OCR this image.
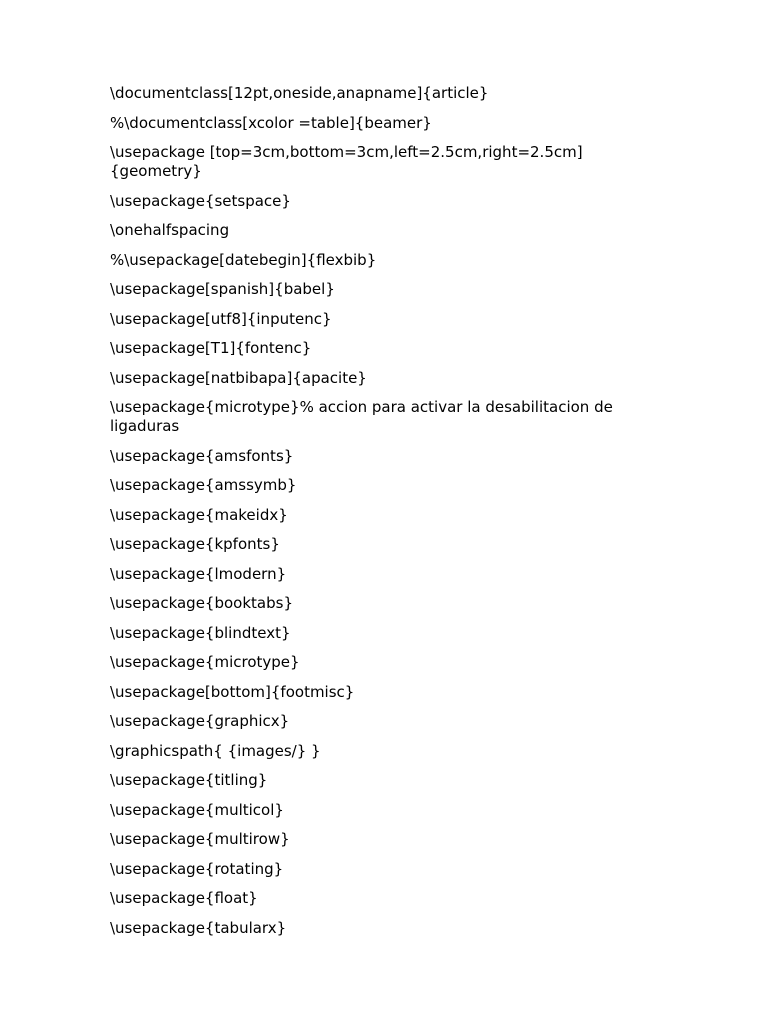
\documentclass[12pt,oneside,anapname]{article}
%\documentclass[xcolor =table]{beamer}
\usepackage [top=3cm,bottom=3cm,left=2.5cm,right=2.5cm]
{geometry}
\usepackage{setspace}
\onehalfspacing
%\usepackage[datebegin]{flexbib}
\usepackage[spanish]{babel}
\usepackage[utf8]{inputenc}
\usepackage[T1]{fontenc}
\usepackage[natbibapa]{apacite}
\usepackage{microtype}% accion para activar la desabilitacion de
ligaduras
\usepackage{amsfonts}
\usepackage{amssymb}
\usepackage{makeidx}
\usepackage{kpfonts}
\usepackage{lmodern}
\usepackage{booktabs}
\usepackage{blindtext}
\usepackage{microtype}
\usepackage[bottom]{footmisc}
\usepackage{graphicx}
\graphicspath{ {images/} }
\usepackage{titling}
\usepackage{multicol}
\usepackage{multirow}
\usepackage{rotating}
\usepackage{float}
\usepackage{tabularx}
